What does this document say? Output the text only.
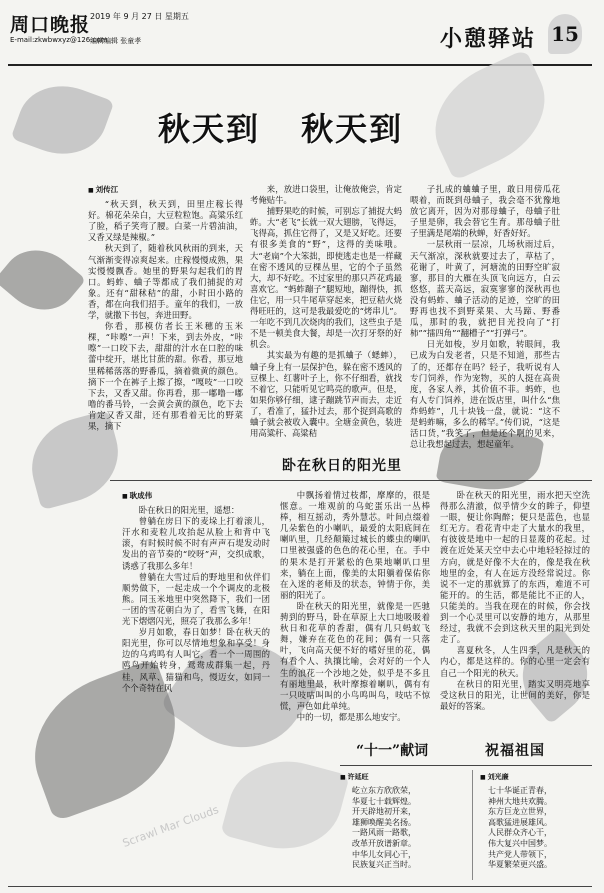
周口晚报 2019 年 9 月 27 日 星期五
E-mail:zkwbwxyz@126.com
编辑编辑 张童孝	小憩驿站 15
秋天到 秋天到
■ 刘传江

“秋天到，秋天到，田里庄稼长得好。棉花朵朵白，大豆粒粒饱。高粱乐红了脸，稻子笑弯了腰。白菜一片碧油油，又香又绿是辣椒。”

秋天到了，随着秋风秋雨的到来，天气渐渐变得凉爽起来。庄稼慢慢成熟，果实慢慢飘香。她里的野果勾起我们的胃口。蚂蚱、蛐子等都成了我们捕捉的对象。还有“甜秫秸”的甜，小时田小路的香，都在向我们招手。童年的我们，一放学，就撒下书包，奔进田野。

你看，那模仿者长王米穗的玉米棵，“咔嚓”一声！下来，到去外皮，“咔嚓”一口咬下去，甜甜的汁水在口腔的味蕾中绽开，堪比甘蔗的甜。你看，那豆地里稀稀落落的野番瓜，摘着微黄的颜色。摘下一个在裤子上擦了擦，“嘎吱”一口咬下去，又香又甜。你再看，那一嘟噜一嘟噜的番马铃，一会黄会黄的颜色，吃下去肯定又香又甜，还有那看着无比的野菜果，摘下

来，放进口袋里，让俺放俺尝，肯定考俺贴牛。

捕野果吃的时候，可别忘了捕捉大蚂蚱。大“老飞”长就一双大翅膀，飞得远，飞得高，抓住它得了，又是又好吃。还要有很多美食的“野”，这得的美味哦。大“老扁”个大笨拙，即使逃走也是一样藏在密不透风的豆棵丛里，它的个子虽然大，却不好吃。不过家里的那只芦花鸡最喜欢它。“蚂蚱蹦子”腿短地，蹦得快，抓住它，用一只牛尾草穿起来，把豆秸火烧得旺旺的，这可是我最爱吃的“烤串儿”。一年吃不到几次烧肉的我们，这些虫子是不是一顿美食大餐，却是一次打牙祭的好机会。

其实最为有趣的是抓蛐子（蟋蟀），蛐子身上有一层保护色，躲在密不透风的豆棵上、红薯叶子上，你不仔细看，就找不着它，只能听见它鸣亮的歌声。但是，如果你够仔细，逮子蹦跳节声而去，走近了，看准了，猛扑过去，那个捉到高歌的蛐子就会被收入囊中。全塘金黄色，装进用高粱秆、高粱秸

子扎成的蛐蛐子里，敢日用傍瓜花喂着，而既到母蛐子，我会毫不犹豫地放它离开，因为对那母蛐子，母蛐子肚子里是卵，我会替它生育。那母蛐子肚子里满是尾端的秋蝉，好香好好。

一层秋雨一层凉，几场秋雨过后，天气渐凉，深秋就要过去了，草枯了，花谢了，叶黄了，河塘流的田野空旷寂寥，那目的大雁在头顶飞向远方，白云悠悠，蓝天高远，寂寞寥寥的深秋再也没有蚂蚱、蛐子活动的足迹，空旷的田野再也找不到野菜果、大马蹄、野番瓜，那时的我，就把目光投向了“打柿”“擂四角”“翻槽子”“打弹弓”。

日光如梭，岁月如歌，转眼间，我已成为白发老者，只是不知道，那些古了的，还都存在吗？轻子，我听说有人专门饲养，作为宠物，买的人挺在高贵度，各家人养，其价值不菲。蚂蚱，也有人专门饲养，进在饭店里，叫什么“焦炸蚂蚱”，几十块钱一盘，就说：“这不是蚂蚱嘛，多么的稀罕。”传们说，“这是活口货，”我笑了，但是还个啊的见来，总让我想起过去，想起童年。

卧在秋日的阳光里
■ 耿成伟

卧在秋日的阳光里，遥想：

曾躺在房日下的麦垛上打着滚儿，汗水和麦粒儿攻抬起从脸上和背中飞滚，有时候时候不时有声声石堤发动时发出的音节奏的“咬呀”声，交织成歌，诱惑了我那么多年！

曾躺在大雪过后的野地里和伙伴们顺势做下，一起走成一个个调皮的北极熊。同玉米地里中突然降下，我们一团一团的雪花朝白为了，看雪飞舞，在阳光下熠熠闪光，照亮了我那么多年！

岁月如歌，春日如梦！卧在秋天的阳光里，你可以尽情地想象和享受！身边的乌鸡鸣有人叫它，看一个一周围的鸥鸟开始转身，鸳鸯成群集一起，丹桂，风草、猫猫和鸟，慢迈女，如同一个个奇特在风

中飘扬着情过枝都，摩摩的，很是惬意。一堆观前的乌蛇蛋乐出一丛棒棒，相互摇动，秀外慧芯。叶间点缀着几朵紫色的小喇叭，最爱的太阳底间在喇叭里，几经颠簸过城长的蝶虫的喇叭口里被强盛的色色的花心里，在。手中的果木是打开紧松的色果地喇叭口里来，躺在上面，像美的太阳躺着保佑你在入迷的老师及的状态，钟情于你，美丽的阳光了。

卧在秋天的阳光里，就像是一匹驰骋到的野马，卧在草原上大口地吸吸着秋日和花草的香甜，偶有几只蚂蚁飞舞，嫌弃在花色的花间；偶有一只落叶，飞向高天便不好的嗜好里的花，偶有看个人、执攘比喻，会对好的一个人生的浪花一个沙地之处，似乎是不多且有丽地里最，秋叶摩擦着喇叭，偶有有一只吱咕叫叫的小鸟鸣叫鸟，吱咕不惊慌，声色如此单纯。

中的一切，都是那么地安宁。

卧在秋天的阳光里，雨水把天空洗得那么清澈，似乎情少女的眸子，仰望一眼，便让你陶醉；便只是蓝色，也显红无方。看花青中走了大量水的我里，有彼彼是地中一起的日显蔑的花起。过渡在近处某天空中去心中地轻轻掠过的方向，就是好像不大在的，像是我在秋地里的金，有人在远方没经常说过。你说不一定的那就算了的东西，难道不可能开的。的生活，都是能比不正的人，只能美的。当我在现在的时候，你会找到一个心灵里可以安静的地方，从那里经过，我就不会到这秋天里的阳光到处走了。

喜夏秋冬，人生四季，凡是秋天的内心，都是这样的。你的心里一定会有自己一个阳光的秋天。

在秋日的阳光里，踏实又明亮地享受这秋日的阳光，让世间的美好，你是最好的答案。

“十一”献词	祝福祖国
■ 许延旺
屹立东方欣欣荣，
华夏七十载辉煌。
开天辟地初开来，
雄狮唤醒美名扬。
一路风雨一路歌，
改革开放谱新章。
中华儿女同心干，
民族复兴正当时。
■ 刘光廉
七十华诞正青春，
神州大地共欢腾。
东方巨龙立世界，
高歌猛进展雄风。
人民群众齐心干，
伟大复兴中国梦。
共产党人带领下，
华夏繁荣更兴盛。
Scrawl Mar Clouds
